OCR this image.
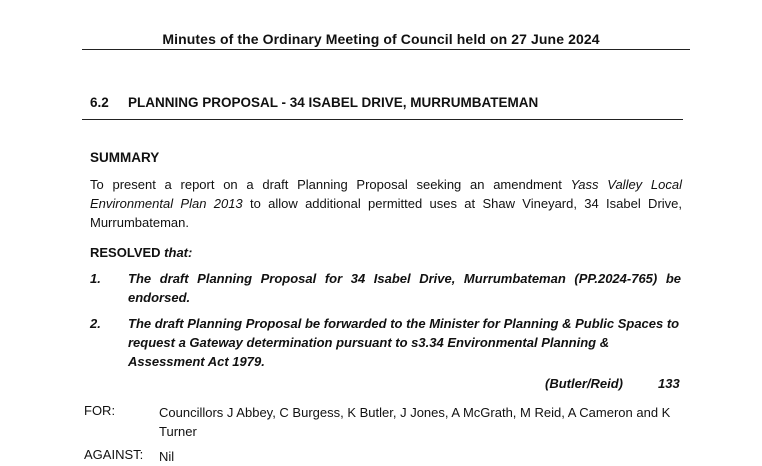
Minutes of the Ordinary Meeting of Council held on 27 June 2024
6.2 PLANNING PROPOSAL - 34 ISABEL DRIVE, MURRUMBATEMAN
SUMMARY
To present a report on a draft Planning Proposal seeking an amendment Yass Valley Local Environmental Plan 2013 to allow additional permitted uses at Shaw Vineyard, 34 Isabel Drive, Murrumbateman.
RESOLVED that:
1. The draft Planning Proposal for 34 Isabel Drive, Murrumbateman (PP.2024-765) be endorsed.
2. The draft Planning Proposal be forwarded to the Minister for Planning & Public Spaces to request a Gateway determination pursuant to s3.34 Environmental Planning & Assessment Act 1979.
(Butler/Reid)	133
FOR:	Councillors J Abbey, C Burgess, K Butler, J Jones, A McGrath, M Reid, A Cameron and K Turner
AGAINST: Nil
